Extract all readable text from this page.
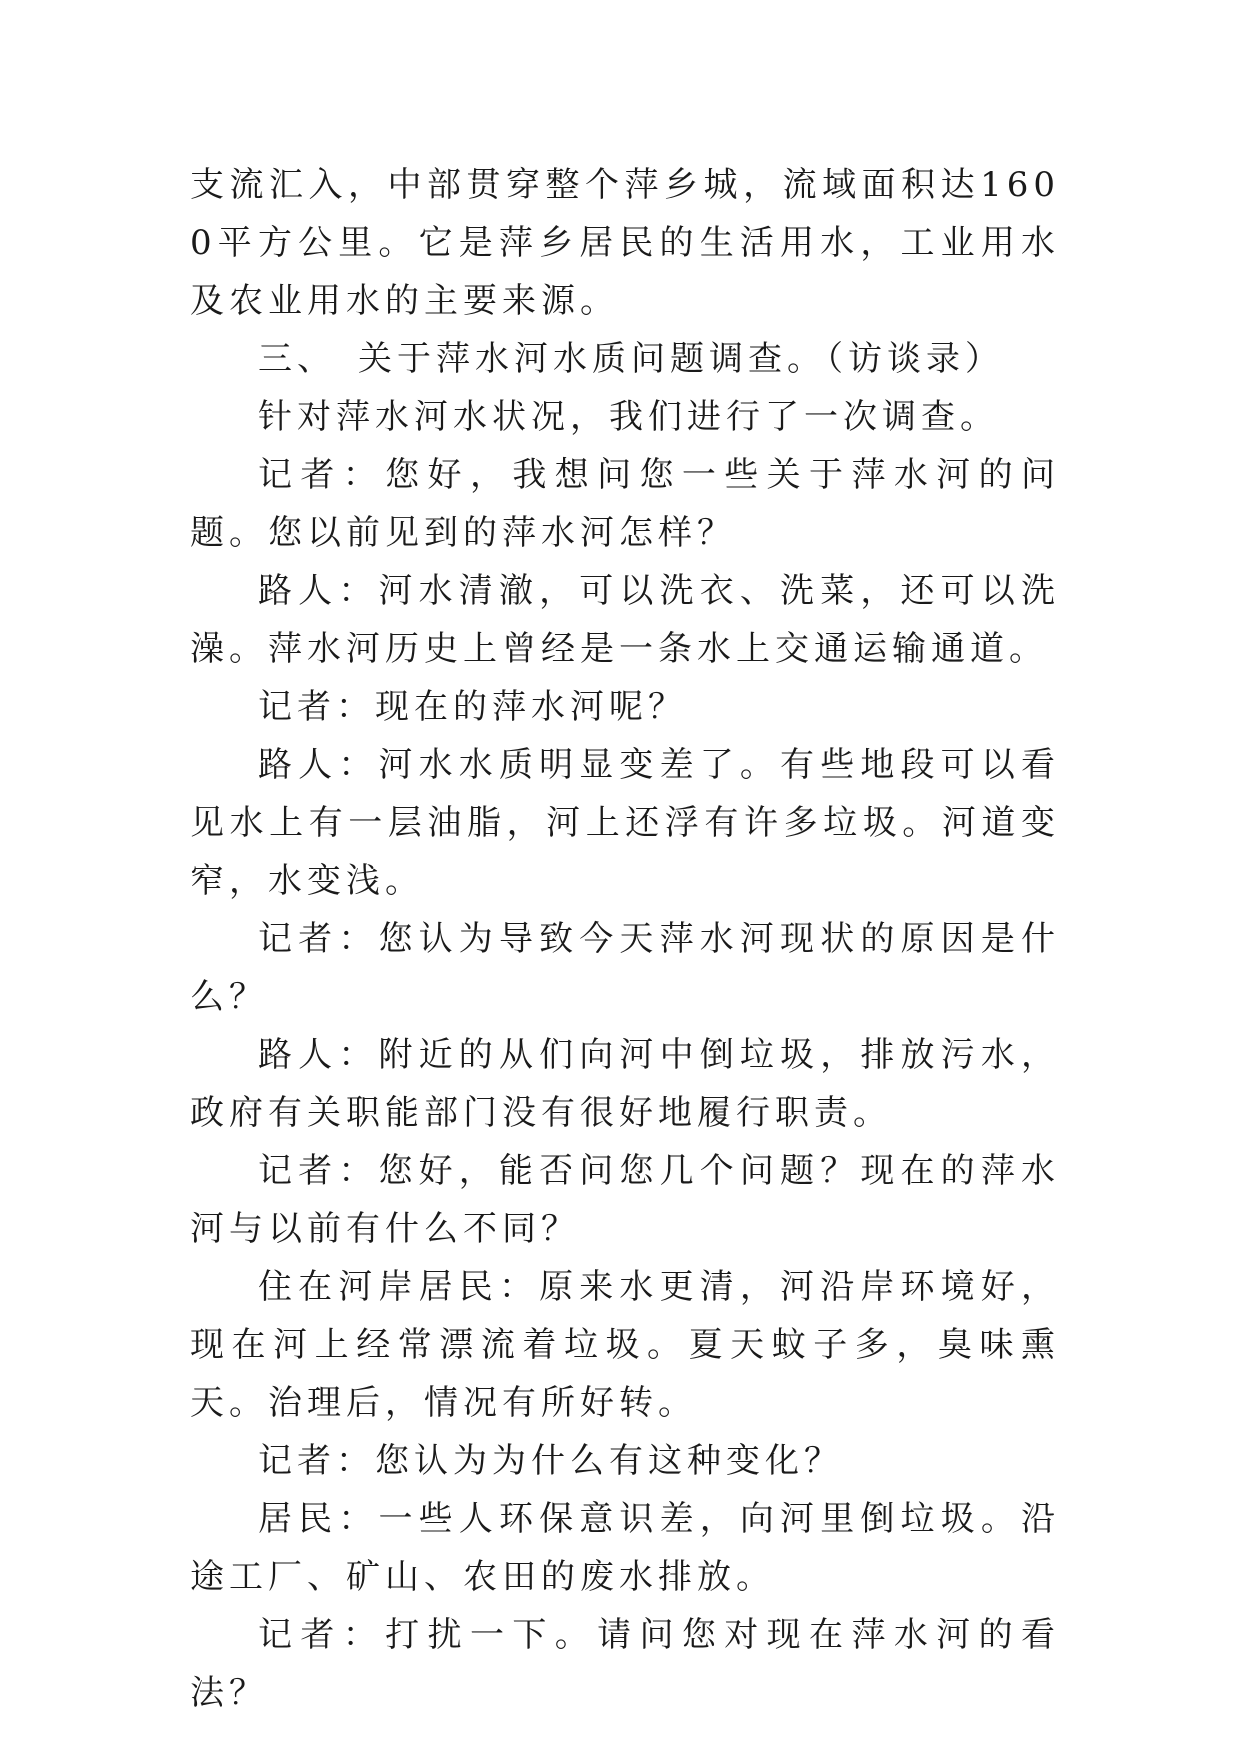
支流汇入，中部贯穿整个萍乡城，流域面积达1600平方公里。它是萍乡居民的生活用水，工业用水及农业用水的主要来源。

三、　关于萍水河水质问题调查。（访谈录）

针对萍水河水状况，我们进行了一次调查。

记者：您好，我想问您一些关于萍水河的问题。您以前见到的萍水河怎样？

路人：河水清澈，可以洗衣、洗菜，还可以洗澡。萍水河历史上曾经是一条水上交通运输通道。

记者：现在的萍水河呢？

路人：河水水质明显变差了。有些地段可以看见水上有一层油脂，河上还浮有许多垃圾。河道变窄，水变浅。

记者：您认为导致今天萍水河现状的原因是什么？

路人：附近的从们向河中倒垃圾，排放污水，政府有关职能部门没有很好地履行职责。

记者：您好，能否问您几个问题？现在的萍水河与以前有什么不同？

住在河岸居民：原来水更清，河沿岸环境好，现在河上经常漂流着垃圾。夏天蚊子多，臭味熏天。治理后，情况有所好转。

记者：您认为为什么有这种变化？

居民：一些人环保意识差，向河里倒垃圾。沿途工厂、矿山、农田的废水排放。

记者：打扰一下。请问您对现在萍水河的看法？
